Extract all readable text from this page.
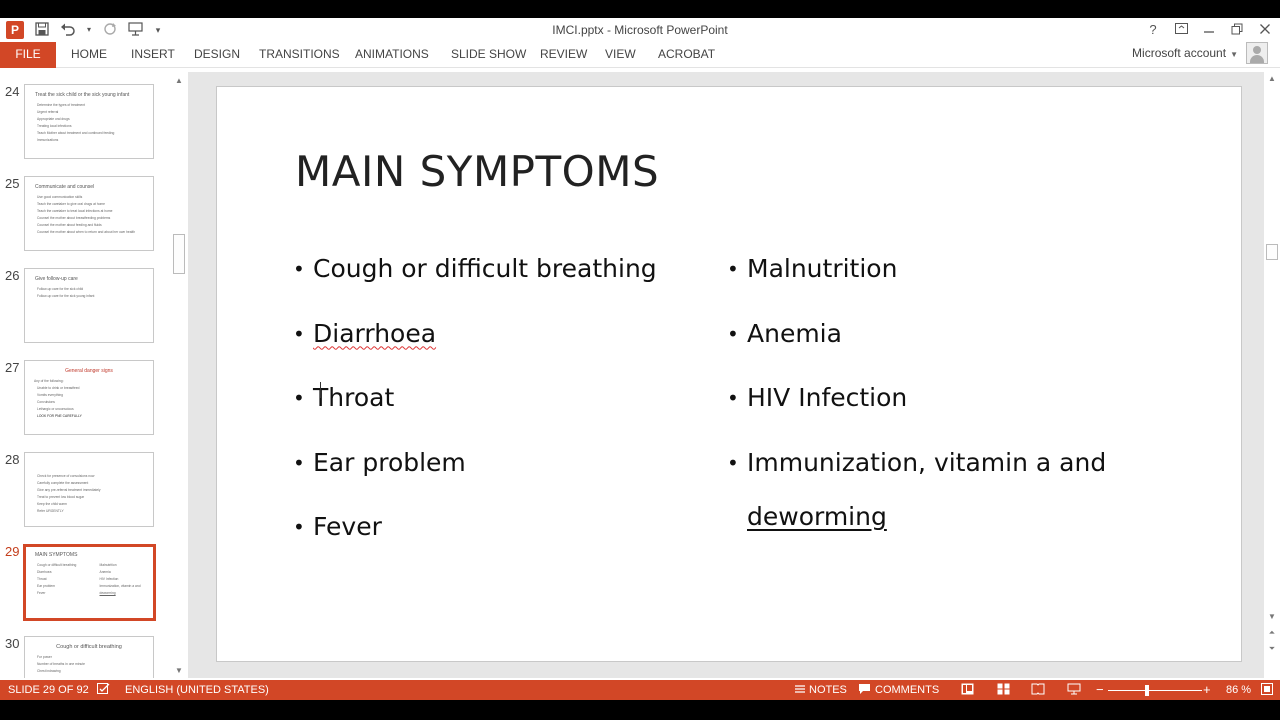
P	▾	▾	IMCI.pptx - Microsoft PowerPoint	?
FILE	HOME INSERT DESIGN TRANSITIONS ANIMATIONS SLIDE SHOW REVIEW VIEW ACROBAT	Microsoft account ▼
24	Treat the sick child or the sick young infant
Determine the types of treatment
Urgent referral
Appropriate oral drugs
Treating local infections
Teach Mother about treatment and continued feeding
Immunizations
25	Communicate and counsel
Use good communication skills
Teach the caretaker to give oral drugs at home
Teach the caretaker to treat local infections at home
Counsel the mother about breastfeeding problems
Counsel the mother about feeding and fluids
Counsel the mother about when to return and about her own health
26	Give follow-up care
Follow-up care for the sick child
Follow-up care for the sick young infant
27	General danger signs
Any of the following:
Unable to drink or breastfeed
Vomits everything
Convulsions
Lethargic or unconscious
LOOK FOR PNE CAREFULLY
28
Check for presence of convulsions now
Carefully complete the assessment
Give any pre-referral treatment immediately
Treat to prevent low blood sugar
Keep the child warm
Refer URGENTLY
29	MAIN SYMPTOMS
Cough or difficult breathing
Diarrhoea
Throat
Ear problem
Fever
Malnutrition
Anemia
HIV Infection
Immunization, vitamin a and
deworming
30	Cough or difficult breathing
For power
Number of breaths in one minute
Chest indrawing
▲
▼
MAIN SYMPTOMS
• Cough or difficult breathing
• Diarrhoea
• Throat
• Ear problem
• Fever
• Malnutrition
• Anemia
• HIV Infection
• Immunization, vitamin a and
deworming
▲
▼
⏶
⏷
SLIDE 29 OF 92	ENGLISH (UNITED STATES)	NOTES	COMMENTS	−	+ 86 %
